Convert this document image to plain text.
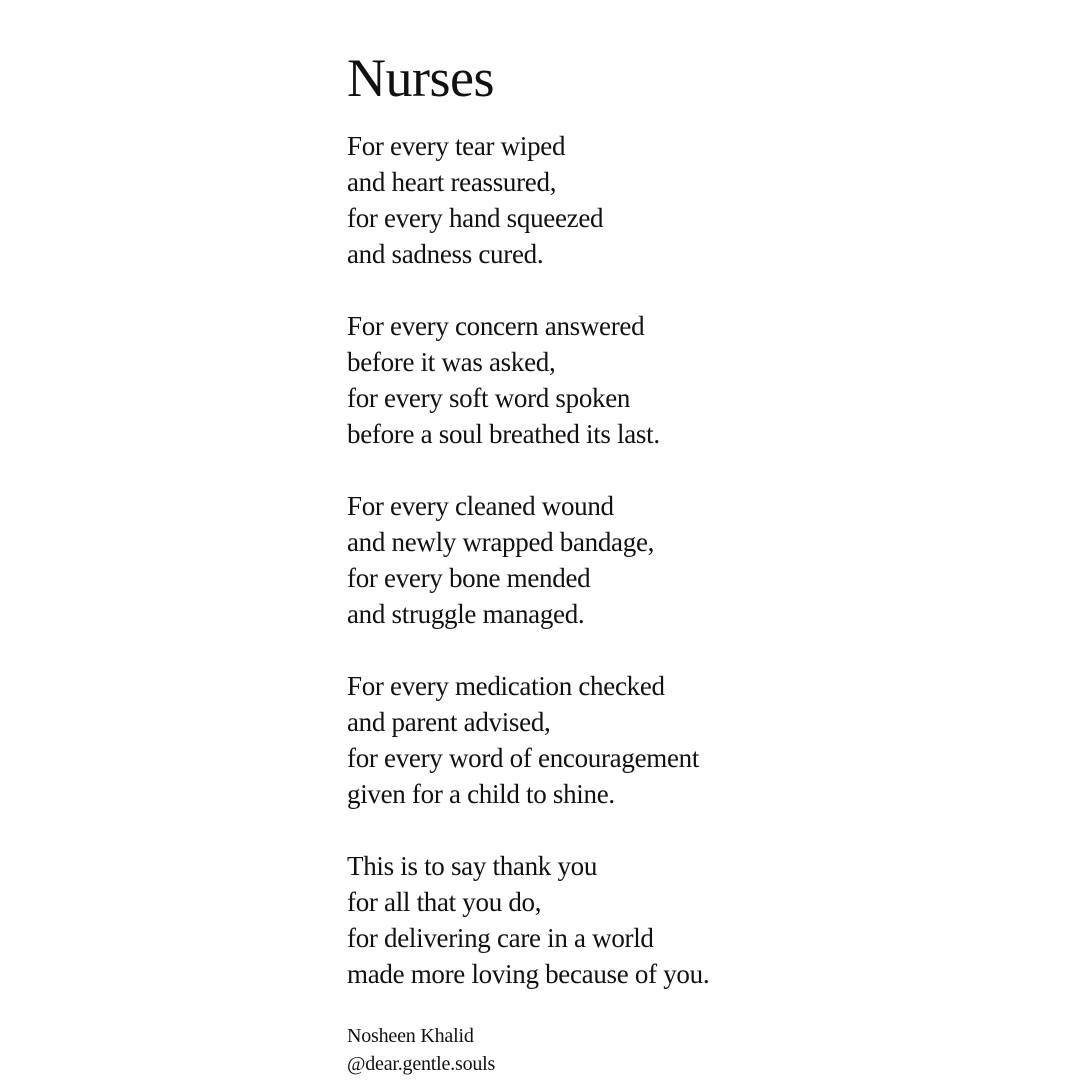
Nurses
For every tear wiped
and heart reassured,
for every hand squeezed
and sadness cured.
For every concern answered
before it was asked,
for every soft word spoken
before a soul breathed its last.
For every cleaned wound
and newly wrapped bandage,
for every bone mended
and struggle managed.
For every medication checked
and parent advised,
for every word of encouragement
given for a child to shine.
This is to say thank you
for all that you do,
for delivering care in a world
made more loving because of you.
Nosheen Khalid
@dear.gentle.souls
